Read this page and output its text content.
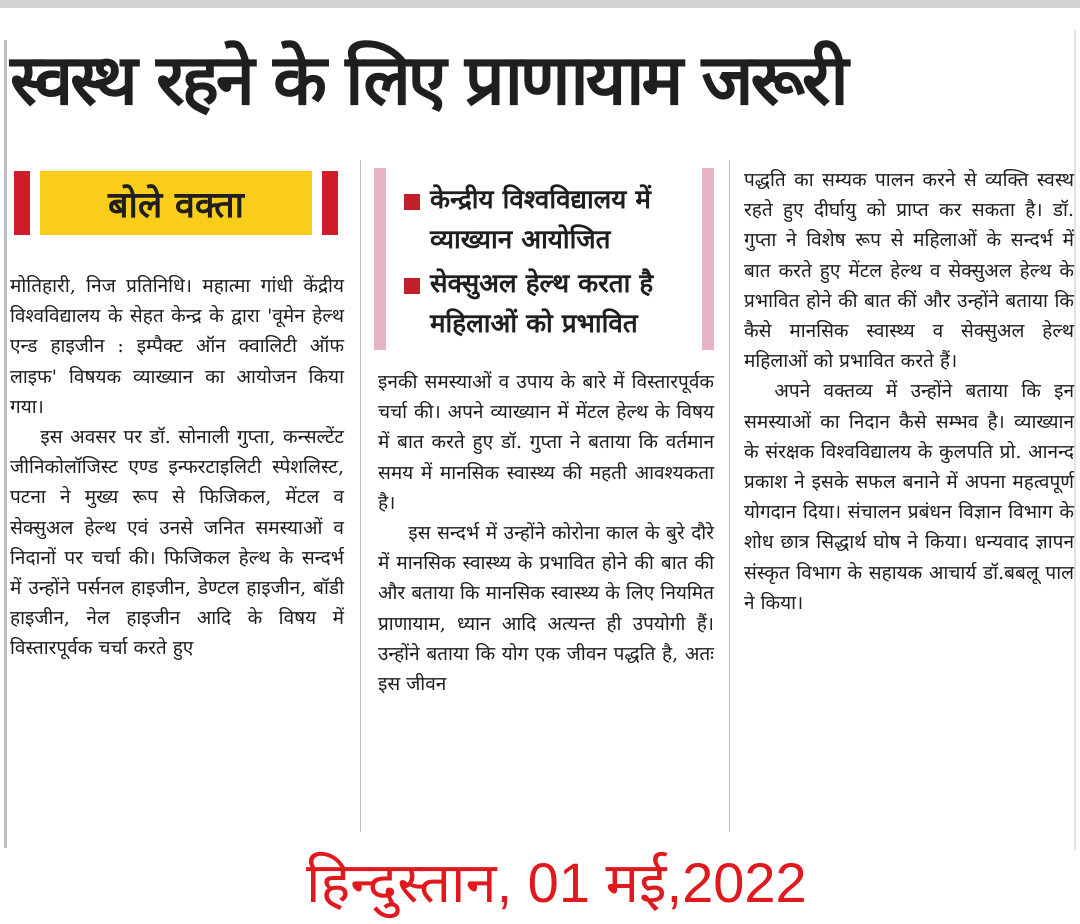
स्वस्थ रहने के लिए प्राणायाम जरूरी
बोले वक्ता	केन्द्रीय विश्वविद्यालय में व्याख्यान आयोजित
सेक्सुअल हेल्थ करता है महिलाओं को प्रभावित

मोतिहारी, निज प्रतिनिधि। महात्मा गांधी केंद्रीय विश्वविद्यालय के सेहत केन्द्र के द्वारा 'वूमेन हेल्थ एन्ड हाइजीन : इम्पैक्ट ऑन क्वालिटी ऑफ लाइफ' विषयक व्याख्यान का आयोजन किया गया।

इस अवसर पर डॉ. सोनाली गुप्ता, कन्सल्टेंट जीनिकोलॉजिस्ट एण्ड इन्फरटाइलिटी स्पेशलिस्ट, पटना ने मुख्य रूप से फिजिकल, मेंटल व सेक्सुअल हेल्थ एवं उनसे जनित समस्याओं व निदानों पर चर्चा की। फिजिकल हेल्थ के सन्दर्भ में उन्होंने पर्सनल हाइजीन, डेण्टल हाइजीन, बॉडी हाइजीन, नेल हाइजीन आदि के विषय में विस्तारपूर्वक चर्चा करते हुए

इनकी समस्याओं व उपाय के बारे में विस्तारपूर्वक चर्चा की। अपने व्याख्यान में मेंटल हेल्थ के विषय में बात करते हुए डॉ. गुप्ता ने बताया कि वर्तमान समय में मानसिक स्वास्थ्य की महती आवश्यकता है।

इस सन्दर्भ में उन्होंने कोरोना काल के बुरे दौरे में मानसिक स्वास्थ्य के प्रभावित होने की बात की और बताया कि मानसिक स्वास्थ्य के लिए नियमित प्राणायाम, ध्यान आदि अत्यन्त ही उपयोगी हैं। उन्होंने बताया कि योग एक जीवन पद्धति है, अतः इस जीवन

पद्धति का सम्यक पालन करने से व्यक्ति स्वस्थ रहते हुए दीर्घायु को प्राप्त कर सकता है। डॉ. गुप्ता ने विशेष रूप से महिलाओं के सन्दर्भ में बात करते हुए मेंटल हेल्थ व सेक्सुअल हेल्थ के प्रभावित होने की बात कीं और उन्होंने बताया कि कैसे मानसिक स्वास्थ्य व सेक्सुअल हेल्थ महिलाओं को प्रभावित करते हैं।

अपने वक्तव्य में उन्होंने बताया कि इन समस्याओं का निदान कैसे सम्भव है। व्याख्यान के संरक्षक विश्वविद्यालय के कुलपति प्रो. आनन्द प्रकाश ने इसके सफल बनाने में अपना महत्वपूर्ण योगदान दिया। संचालन प्रबंधन विज्ञान विभाग के शोध छात्र सिद्धार्थ घोष ने किया। धन्यवाद ज्ञापन संस्कृत विभाग के सहायक आचार्य डॉ.बबलू पाल ने किया।

हिन्दुस्तान, 01 मई,2022
